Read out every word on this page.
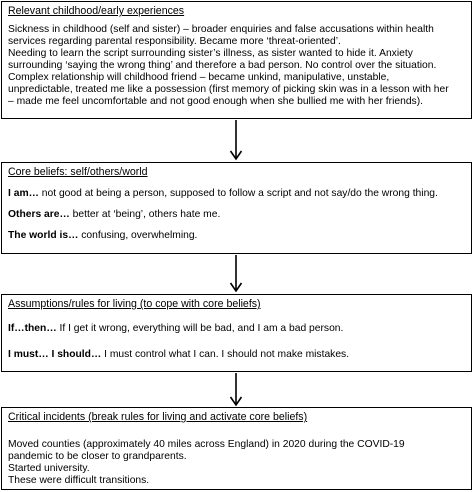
Relevant childhood/early experiences

Sickness in childhood (self and sister) – broader enquiries and false accusations within health

services regarding parental responsibility. Became more ‘threat-oriented’.

Needing to learn the script surrounding sister’s illness, as sister wanted to hide it. Anxiety

surrounding ‘saying the wrong thing’ and therefore a bad person. No control over the situation.

Complex relationship will childhood friend – became unkind, manipulative, unstable,

unpredictable, treated me like a possession (first memory of picking skin was in a lesson with her

– made me feel uncomfortable and not good enough when she bullied me with her friends).

Core beliefs: self/others/world
I am… not good at being a person, supposed to follow a script and not say/do the wrong thing.
Others are… better at ‘being’, others hate me.
The world is… confusing, overwhelming.
Assumptions/rules for living (to cope with core beliefs)
If…then… If I get it wrong, everything will be bad, and I am a bad person.
I must… I should… I must control what I can. I should not make mistakes.
Critical incidents (break rules for living and activate core beliefs)

Moved counties (approximately 40 miles across England) in 2020 during the COVID-19

pandemic to be closer to grandparents.

Started university.

These were difficult transitions.
